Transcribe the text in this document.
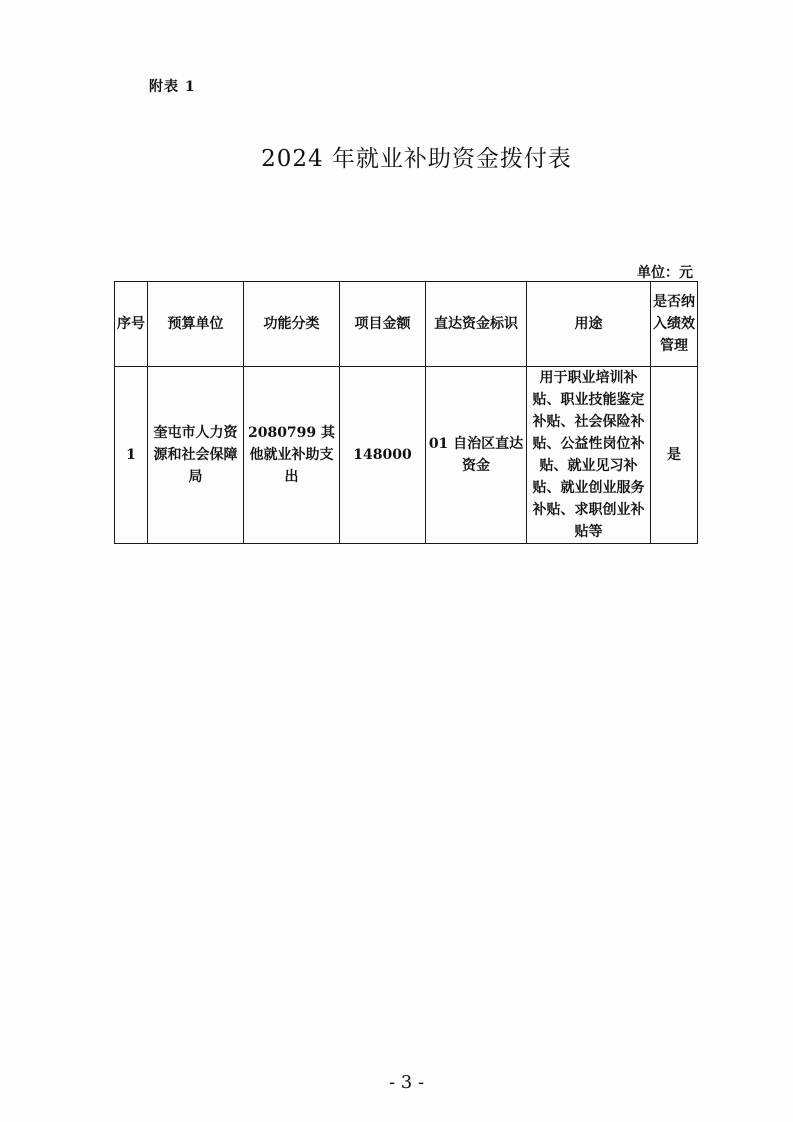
附表 1
2024 年就业补助资金拨付表
单位：元
序号	预算单位	功能分类	项目金额	直达资金标识	用途	是否纳入绩效管理
1	奎屯市人力资源和社会保障局	2080799 其他就业补助支出	148000	01 自治区直达资金	用于职业培训补贴、职业技能鉴定补贴、社会保险补贴、公益性岗位补贴、就业见习补贴、就业创业服务补贴、求职创业补贴等	是
- 3 -
